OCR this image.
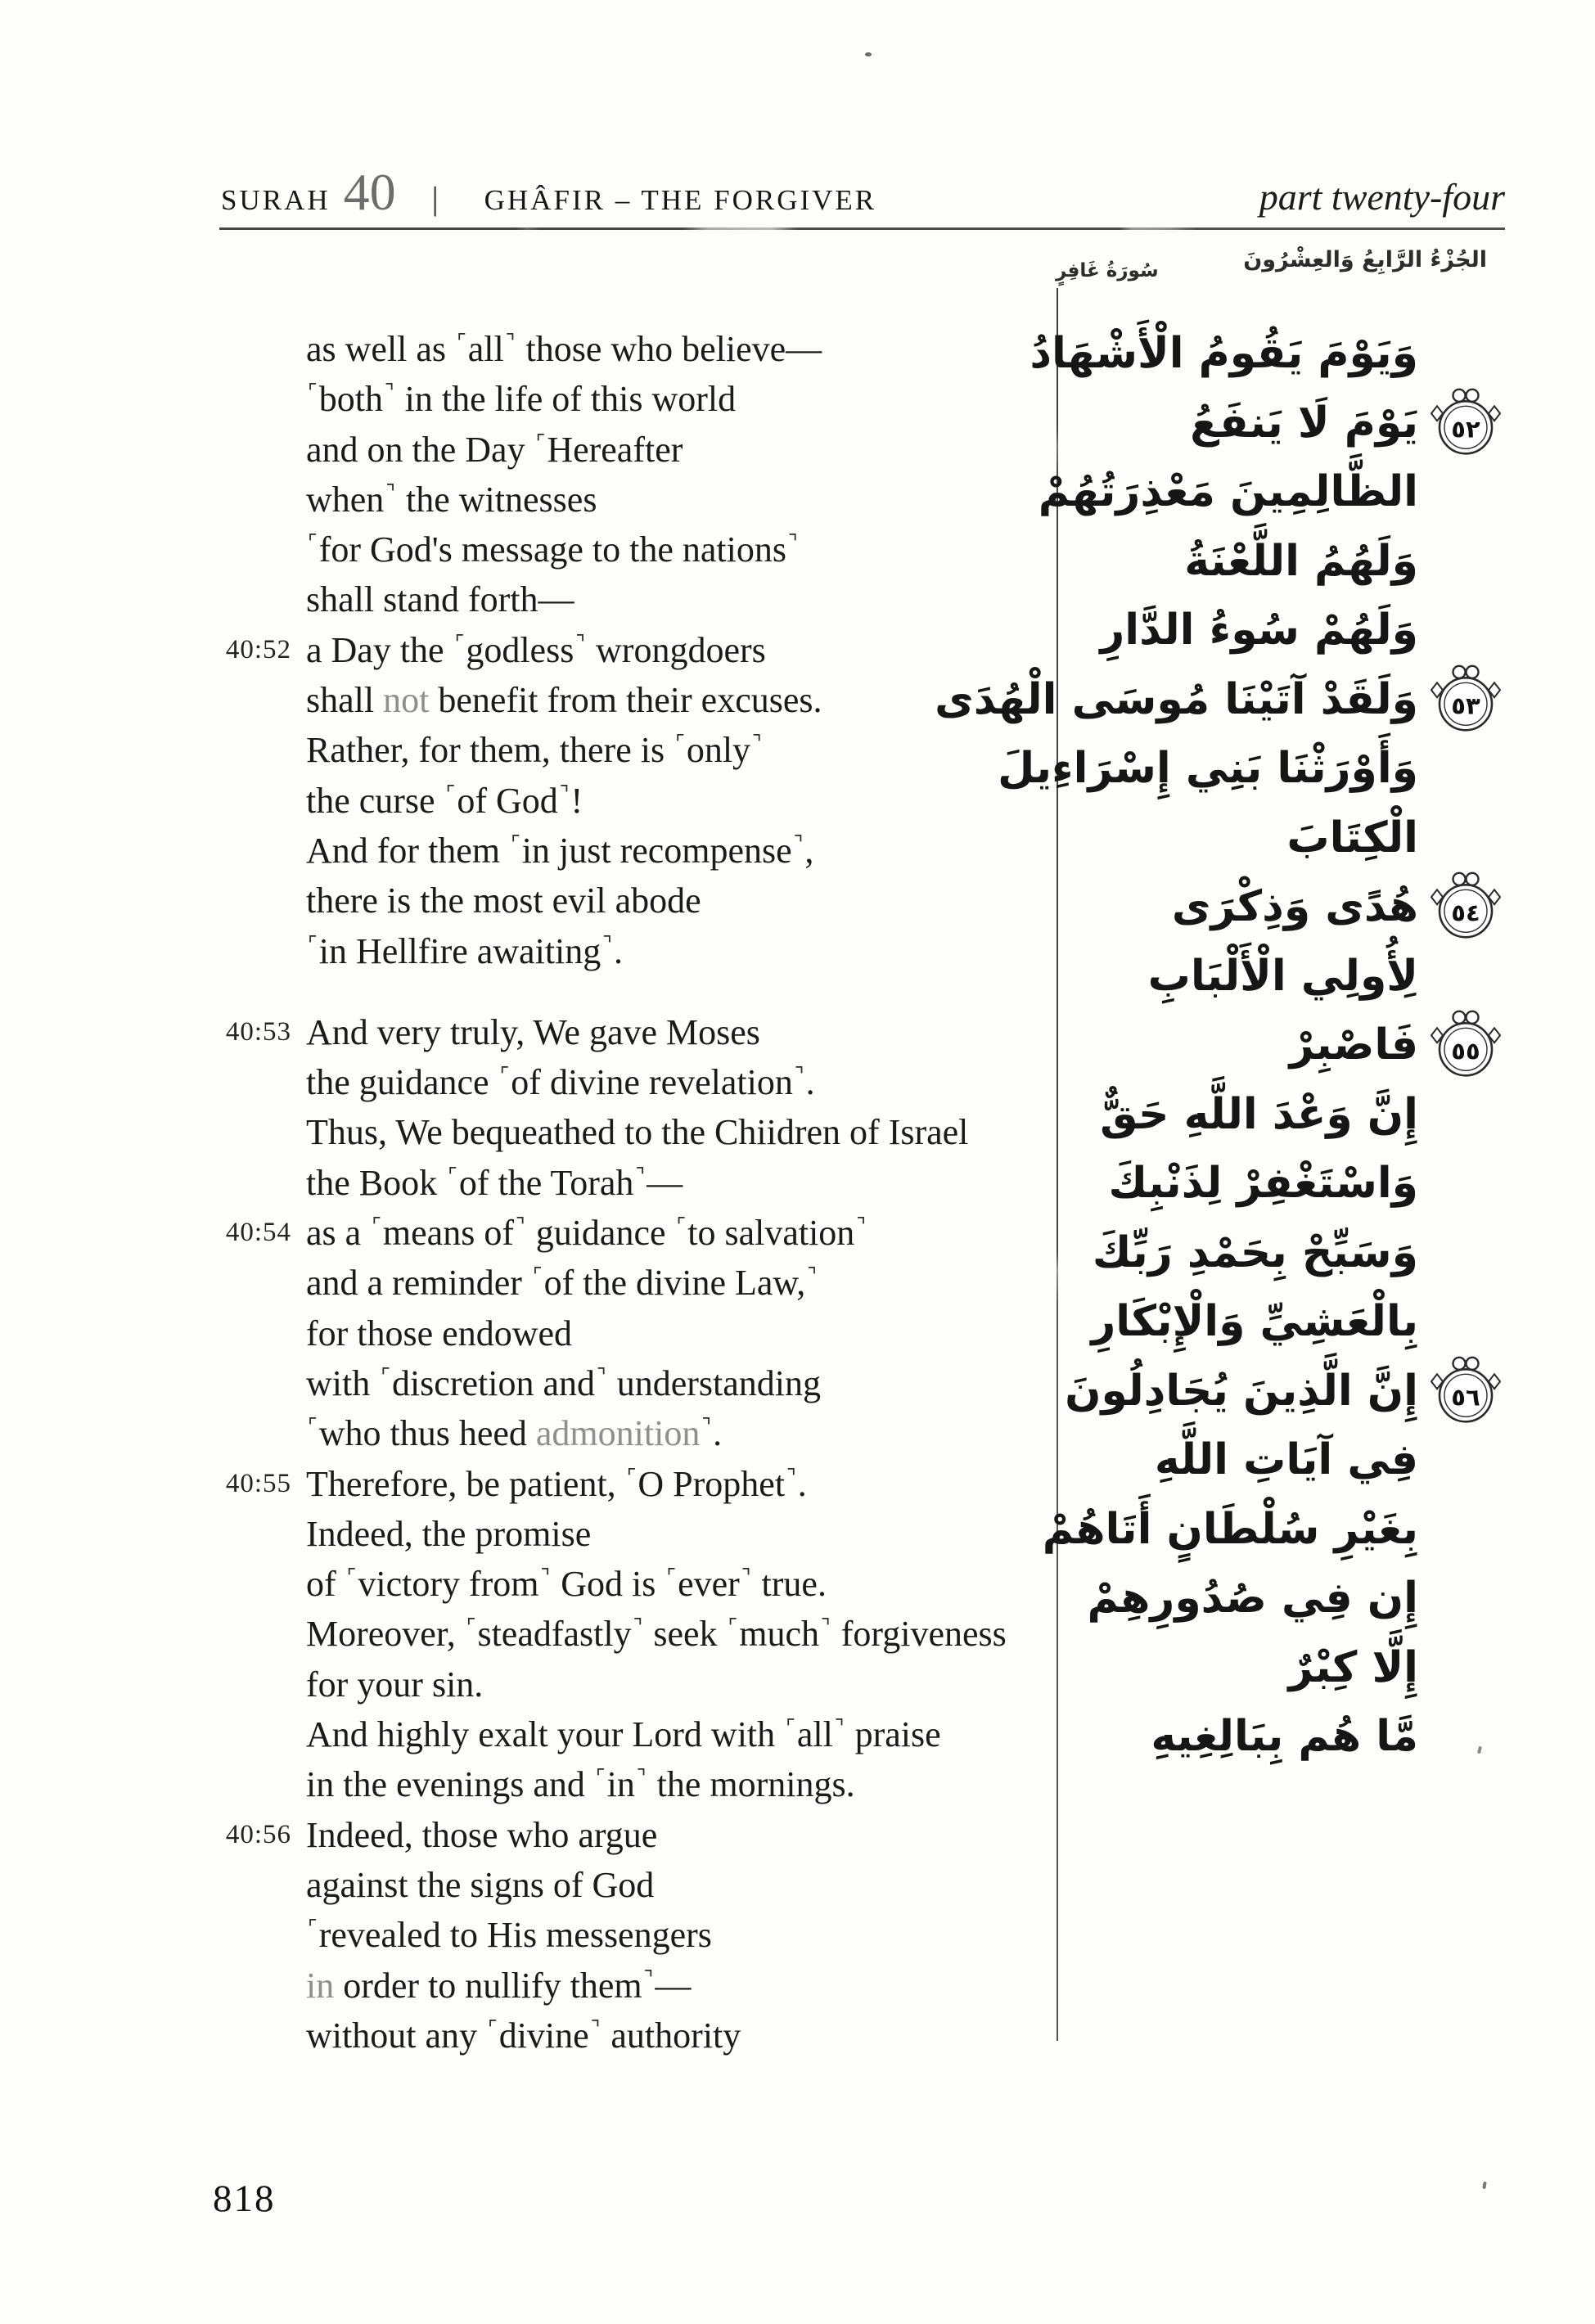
SURAH 40 | GHÂFIR – THE FORGIVER	part twenty-four
الجُزْءُ الرَّابِعُ وَالعِشْرُونَ
سُورَةُ غَافِرٍ
as well as ⌜all⌝ those who believe—
⌜both⌝ in the life of this world
and on the Day ⌜Hereafter
when⌝ the witnesses
⌜for God's message to the nations⌝
shall stand forth—
40:52 a Day the ⌜godless⌝ wrongdoers
shall not benefit from their excuses.
Rather, for them, there is ⌜only⌝
the curse ⌜of God⌝!
And for them ⌜in just recompense⌝,
there is the most evil abode
⌜in Hellfire awaiting⌝.
40:53 And very truly, We gave Moses
the guidance ⌜of divine revelation⌝.
Thus, We bequeathed to the Chiidren of Israel
the Book ⌜of the Torah⌝—
40:54 as a ⌜means of⌝ guidance ⌜to salvation⌝
and a reminder ⌜of the divine Law,⌝
for those endowed
with ⌜discretion and⌝ understanding
⌜who thus heed admonition⌝.
40:55 Therefore, be patient, ⌜O Prophet⌝.
Indeed, the promise
of ⌜victory from⌝ God is ⌜ever⌝ true.
Moreover, ⌜steadfastly⌝ seek ⌜much⌝ forgiveness
for your sin.
And highly exalt your Lord with ⌜all⌝ praise
in the evenings and ⌜in⌝ the mornings.
40:56 Indeed, those who argue
against the signs of God
⌜revealed to His messengers
in order to nullify them⌝—
without any ⌜divine⌝ authority
وَيَوْمَ يَقُومُ الْأَشْهَادُ
يَوْمَ لَا يَنفَعُ ٥٢
الظَّالِمِينَ مَعْذِرَتُهُمْ
وَلَهُمُ اللَّعْنَةُ
وَلَهُمْ سُوءُ الدَّارِ
وَلَقَدْ آتَيْنَا مُوسَى الْهُدَى ٥٣
وَأَوْرَثْنَا بَنِي إِسْرَاءِيلَ
الْكِتَابَ
هُدًى وَذِكْرَى ٥٤
لِأُولِي الْأَلْبَابِ
فَاصْبِرْ ٥٥
إِنَّ وَعْدَ اللَّهِ حَقٌّ
وَاسْتَغْفِرْ لِذَنْبِكَ
وَسَبِّحْ بِحَمْدِ رَبِّكَ
بِالْعَشِيِّ وَالْإِبْكَارِ
إِنَّ الَّذِينَ يُجَادِلُونَ ٥٦
فِي آيَاتِ اللَّهِ
بِغَيْرِ سُلْطَانٍ أَتَاهُمْ
إِن فِي صُدُورِهِمْ
إِلَّا كِبْرٌ
مَّا هُم بِبَالِغِيهِ
818
